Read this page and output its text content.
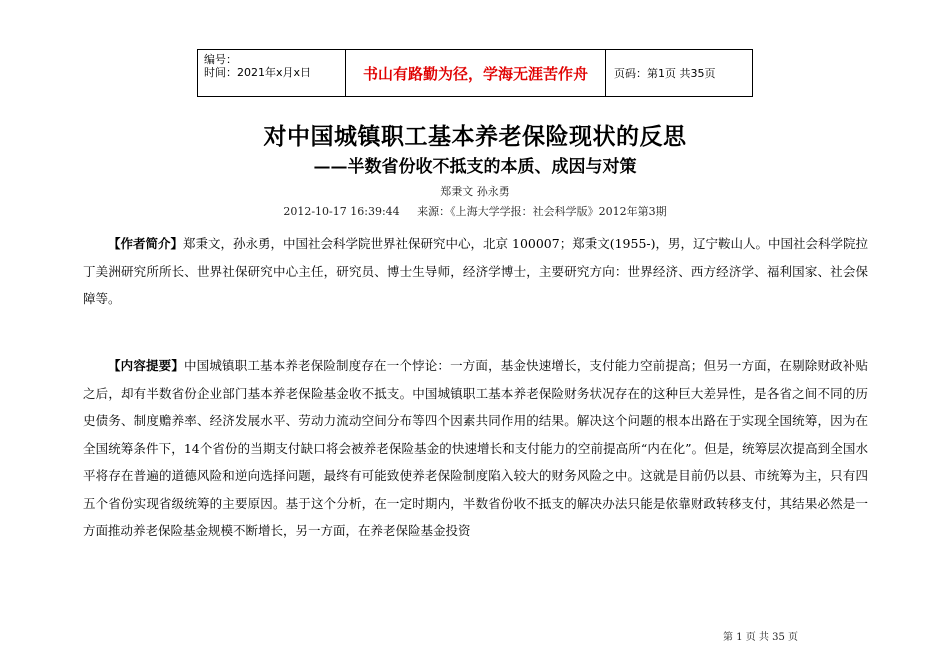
编号：
时间：2021年x月x日	书山有路勤为径，学海无涯苦作舟	页码：第1页 共35页
对中国城镇职工基本养老保险现状的反思
——半数省份收不抵支的本质、成因与对策
郑秉文 孙永勇
2012-10-17 16:39:44     来源：《上海大学学报：社会科学版》2012年第3期

【作者简介】郑秉文，孙永勇，中国社会科学院世界社保研究中心，北京 100007；郑秉文(1955-)，男，辽宁鞍山人。中国社会科学院拉丁美洲研究所所长、世界社保研究中心主任，研究员、博士生导师，经济学博士，主要研究方向：世界经济、西方经济学、福利国家、社会保障等。

【内容提要】中国城镇职工基本养老保险制度存在一个悖论：一方面，基金快速增长，支付能力空前提高；但另一方面，在剔除财政补贴之后，却有半数省份企业部门基本养老保险基金收不抵支。中国城镇职工基本养老保险财务状况存在的这种巨大差异性，是各省之间不同的历史债务、制度赡养率、经济发展水平、劳动力流动空间分布等四个因素共同作用的结果。解决这个问题的根本出路在于实现全国统筹，因为在全国统筹条件下，14个省份的当期支付缺口将会被养老保险基金的快速增长和支付能力的空前提高所“内在化”。但是，统筹层次提高到全国水平将存在普遍的道德风险和逆向选择问题，最终有可能致使养老保险制度陷入较大的财务风险之中。这就是目前仍以县、市统筹为主，只有四五个省份实现省级统筹的主要原因。基于这个分析，在一定时期内，半数省份收不抵支的解决办法只能是依靠财政转移支付，其结果必然是一方面推动养老保险基金规模不断增长，另一方面，在养老保险基金投资

第 1 页 共 35 页
